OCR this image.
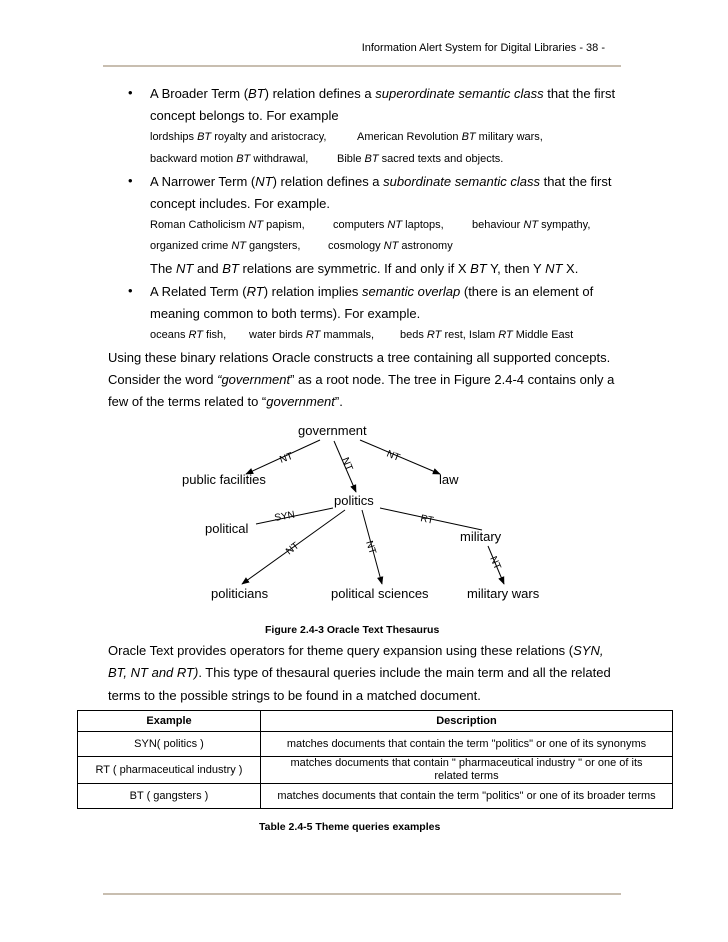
Information Alert System for Digital Libraries - 38 -
• A Broader Term (BT) relation defines a superordinate semantic class that the first
concept belongs to. For example
lordships BT royalty and aristocracy,	American Revolution BT military wars,
backward motion BT withdrawal,	Bible BT sacred texts and objects.
• A Narrower Term (NT) relation defines a subordinate semantic class that the first
concept includes. For example.
Roman Catholicism NT papism,	computers NT laptops,	behaviour NT sympathy,
organized crime NT gangsters,	cosmology NT astronomy
The NT and BT relations are symmetric. If and only if X BT Y, then Y NT X.
• A Related Term (RT) relation implies semantic overlap (there is an element of
meaning common to both terms). For example.
oceans RT fish, water birds RT mammals, beds RT rest, Islam RT Middle East
Using these binary relations Oracle constructs a tree containing all supported concepts.
Consider the word “government” as a root node. The tree in Figure 2.4-4 contains only a
few of the terms related to “government”.
NT	NT	NT
SYN
NT	NT
RT
NT
government
public facilities	law
politics
political
military
politicians	political sciences	military wars
Figure 2.4-3 Oracle Text Thesaurus
Oracle Text provides operators for theme query expansion using these relations (SYN,
BT, NT and RT). This type of thesaural queries include the main term and all the related
terms to the possible strings to be found in a matched document.
Example	Description
SYN( politics )	matches documents that contain the term "politics" or one of its synonyms
RT ( pharmaceutical industry )	matches documents that contain " pharmaceutical industry " or one of its related terms
BT ( gangsters )	matches documents that contain the term "politics" or one of its broader terms
Table 2.4-5 Theme queries examples
